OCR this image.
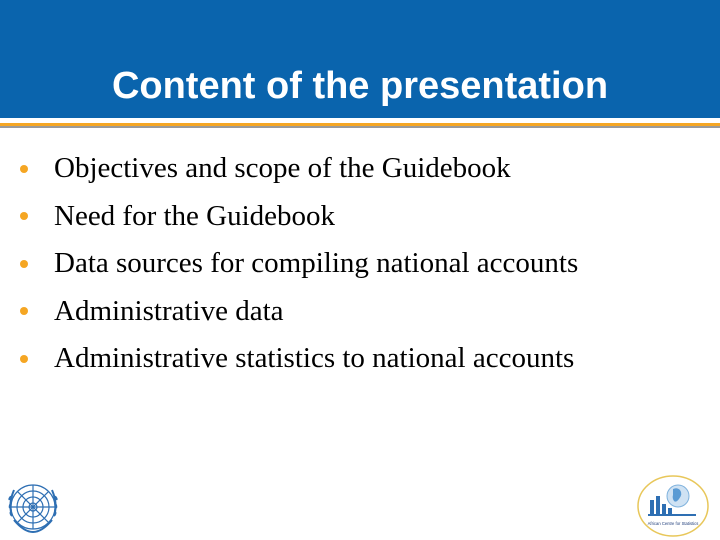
Content of the presentation
Objectives and scope of the Guidebook
Need for the Guidebook
Data sources for compiling national accounts
Administrative data
Administrative statistics to national accounts
African Centre for Statistics
